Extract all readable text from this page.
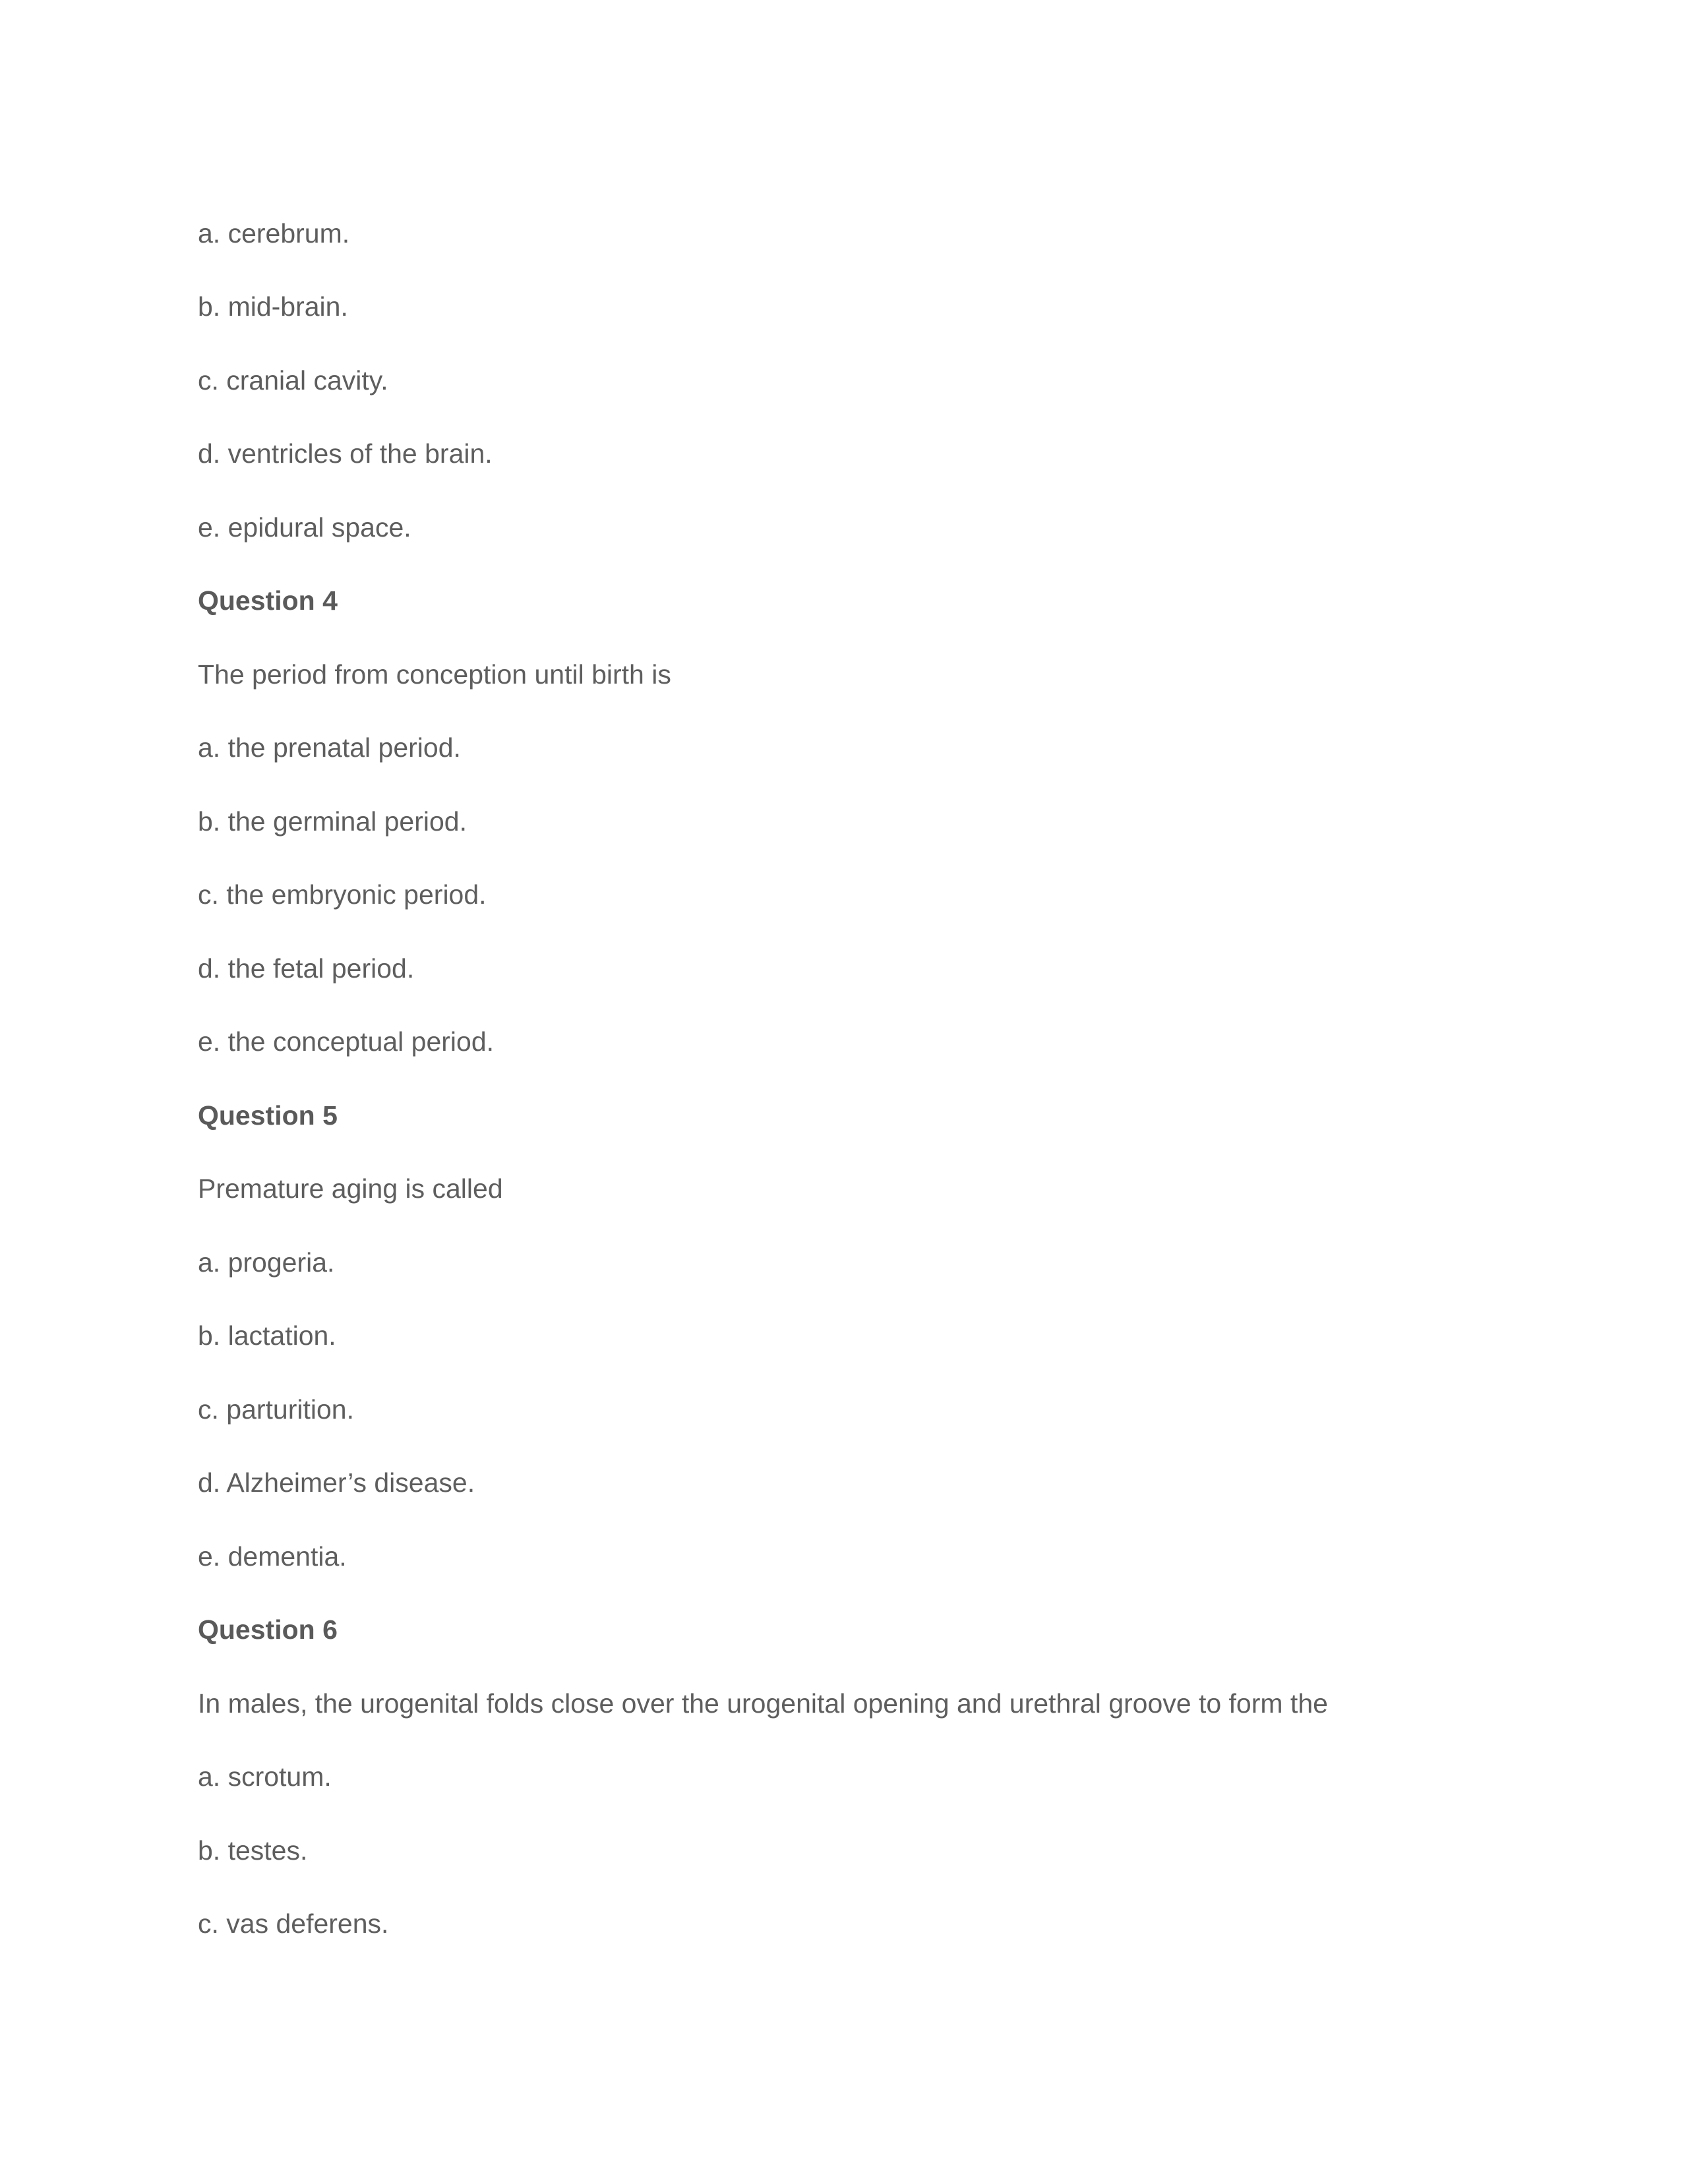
a. cerebrum.
b. mid-brain.
c. cranial cavity.
d. ventricles of the brain.
e. epidural space.
Question 4
The period from conception until birth is
a. the prenatal period.
b. the germinal period.
c. the embryonic period.
d. the fetal period.
e. the conceptual period.
Question 5
Premature aging is called
a. progeria.
b. lactation.
c. parturition.
d. Alzheimer’s disease.
e. dementia.
Question 6
In males, the urogenital folds close over the urogenital opening and urethral groove to form the
a. scrotum.
b. testes.
c. vas deferens.
